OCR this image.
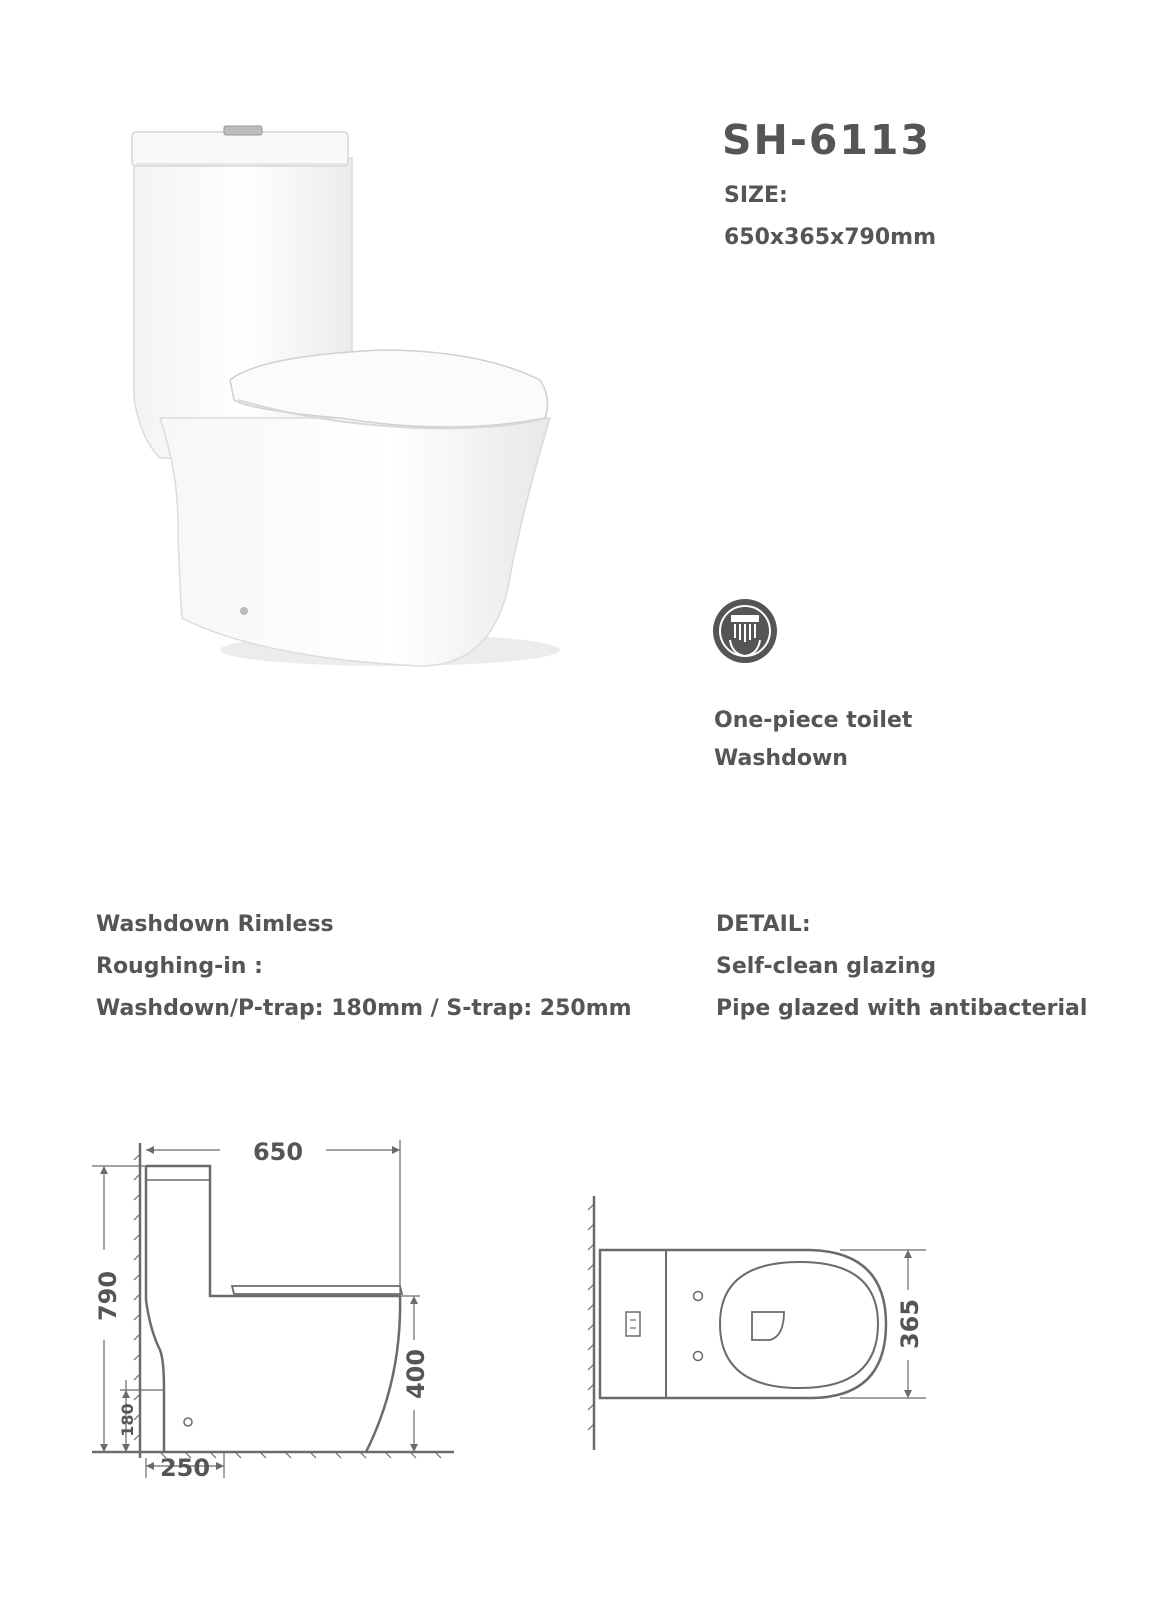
SH-6113
SIZE:
650x365x790mm
One-piece toilet
Washdown
Washdown Rimless
Roughing-in :
Washdown/P-trap: 180mm / S-trap: 250mm
DETAIL:
Self-clean glazing
Pipe glazed with antibacterial
650
790
180
400
250
365
